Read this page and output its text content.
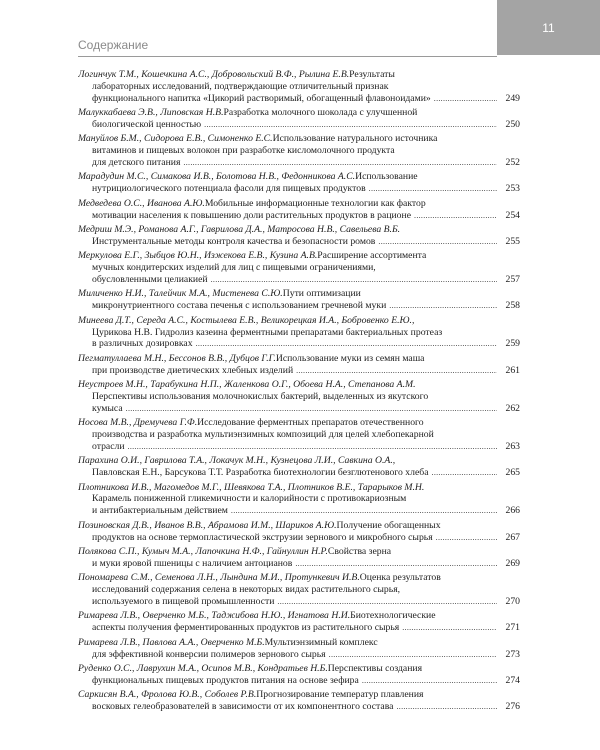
Содержание
11
Логинчук Т.М., Кошечкина А.С., Добровольский В.Ф., Рылина Е.В. Результаты
лабораторных исследований, подтверждающие отличительный признак
функционального напитка «Цикорий растворимый, обогащенный флавоноидами» .....	249
Малуккабаева Э.В., Липовская Н.В. Разработка молочного шоколада с улучшенной
биологической ценностью .....	250
Мануйлов Б.М., Сидорова Е.В., Симоненко Е.С. Использование натурального источника
витаминов и пищевых волокон при разработке кисломолочного продукта
для детского питания .....	252
Марадудин М.С., Симакова И.В., Болотова Н.В., Федонникова А.С. Использование
нутрициологического потенциала фасоли для пищевых продуктов .....	253
Медведева О.С., Иванова А.Ю. Мобильные информационные технологии как фактор
мотивации населения к повышению доли растительных продуктов в рационе .....	254
Медриш М.Э., Романова А.Г., Гаврилова Д.А., Матросова Н.В., Савельева В.Б.
Инструментальные методы контроля качества и безопасности ромов .....	255
Меркулова Е.Г., Зыбцов Ю.Н., Изжекова Е.В., Кузина А.В. Расширение ассортимента
мучных кондитерских изделий для лиц с пищевыми ограничениями,
обусловленными целиакией .....	257
Миличенко Н.И., Талейчик М.А., Мистенева С.Ю. Пути оптимизации
микронутриентного состава печенья с использованием гречневой муки .....	258
Минеева Д.Т., Середа А.С., Костылева Е.В., Великорецкая И.А., Бобровенко Е.Ю.,
Цурикова Н.В. Гидролиз казеина ферментными препаратами бактериальных протеаз
в различных дозировках .....	259
Пегматуллаева М.Н., Бессонов В.В., Дубцов Г.Г. Использование муки из семян маша
при производстве диетических хлебных изделий .....	261
Неустроев М.Н., Тарабукина Н.П., Жаленкова О.Г., Обоева Н.А., Степанова А.М.
Перспективы использования молочнокислых бактерий, выделенных из якутского
кумыса .....	262
Носова М.В., Дремучева Г.Ф. Исследование ферментных препаратов отечественного
производства и разработка мультиэнзимных композиций для целей хлебопекарной
отрасли .....	263
Парахина О.И., Гаврилова Т.А., Локачук М.Н., Кузнецова Л.И., Савкина О.А.,
Павловская Е.Н., Барсукова Т.Т. Разработка биотехнологии безглютенового хлеба .....	265
Плотникова И.В., Магомедов М.Г., Шевякова Т.А., Плотников В.Е., Тарарыков М.Н.
Карамель пониженной гликемичности и калорийности с противокариозным
и антибактериальным действием .....	266
Позиновская Д.В., Иванов В.В., Абрамова И.М., Шариков А.Ю. Получение обогащенных
продуктов на основе термопластической экструзии зернового и микробного сырья .....	267
Полякова С.П., Кумыч М.А., Лапочкина Н.Ф., Гайнуллин Н.Р. Свойства зерна
и муки яровой пшеницы с наличием антоцианов .....	269
Пономарева С.М., Семенова Л.Н., Лындина М.И., Протункевич И.В. Оценка результатов
исследований содержания селена в некоторых видах растительного сырья,
используемого в пищевой промышленности .....	270
Римарева Л.В., Оверченко М.Б., Таджибова Н.Ю., Игнатова Н.И. Биотехнологические
аспекты получения ферментированных продуктов из растительного сырья .....	271
Римарева Л.В., Павлова А.А., Оверченко М.Б. Мультиэнзимный комплекс
для эффективной конверсии полимеров зернового сырья .....	273
Руденко О.С., Лаврухин М.А., Осипов М.В., Кондратьев Н.Б. Перспективы создания
функциональных пищевых продуктов питания на основе зефира .....	274
Саркисян В.А., Фролова Ю.В., Соболев Р.В. Прогнозирование температур плавления
восковых гелеобразователей в зависимости от их компонентного состава .....	276
